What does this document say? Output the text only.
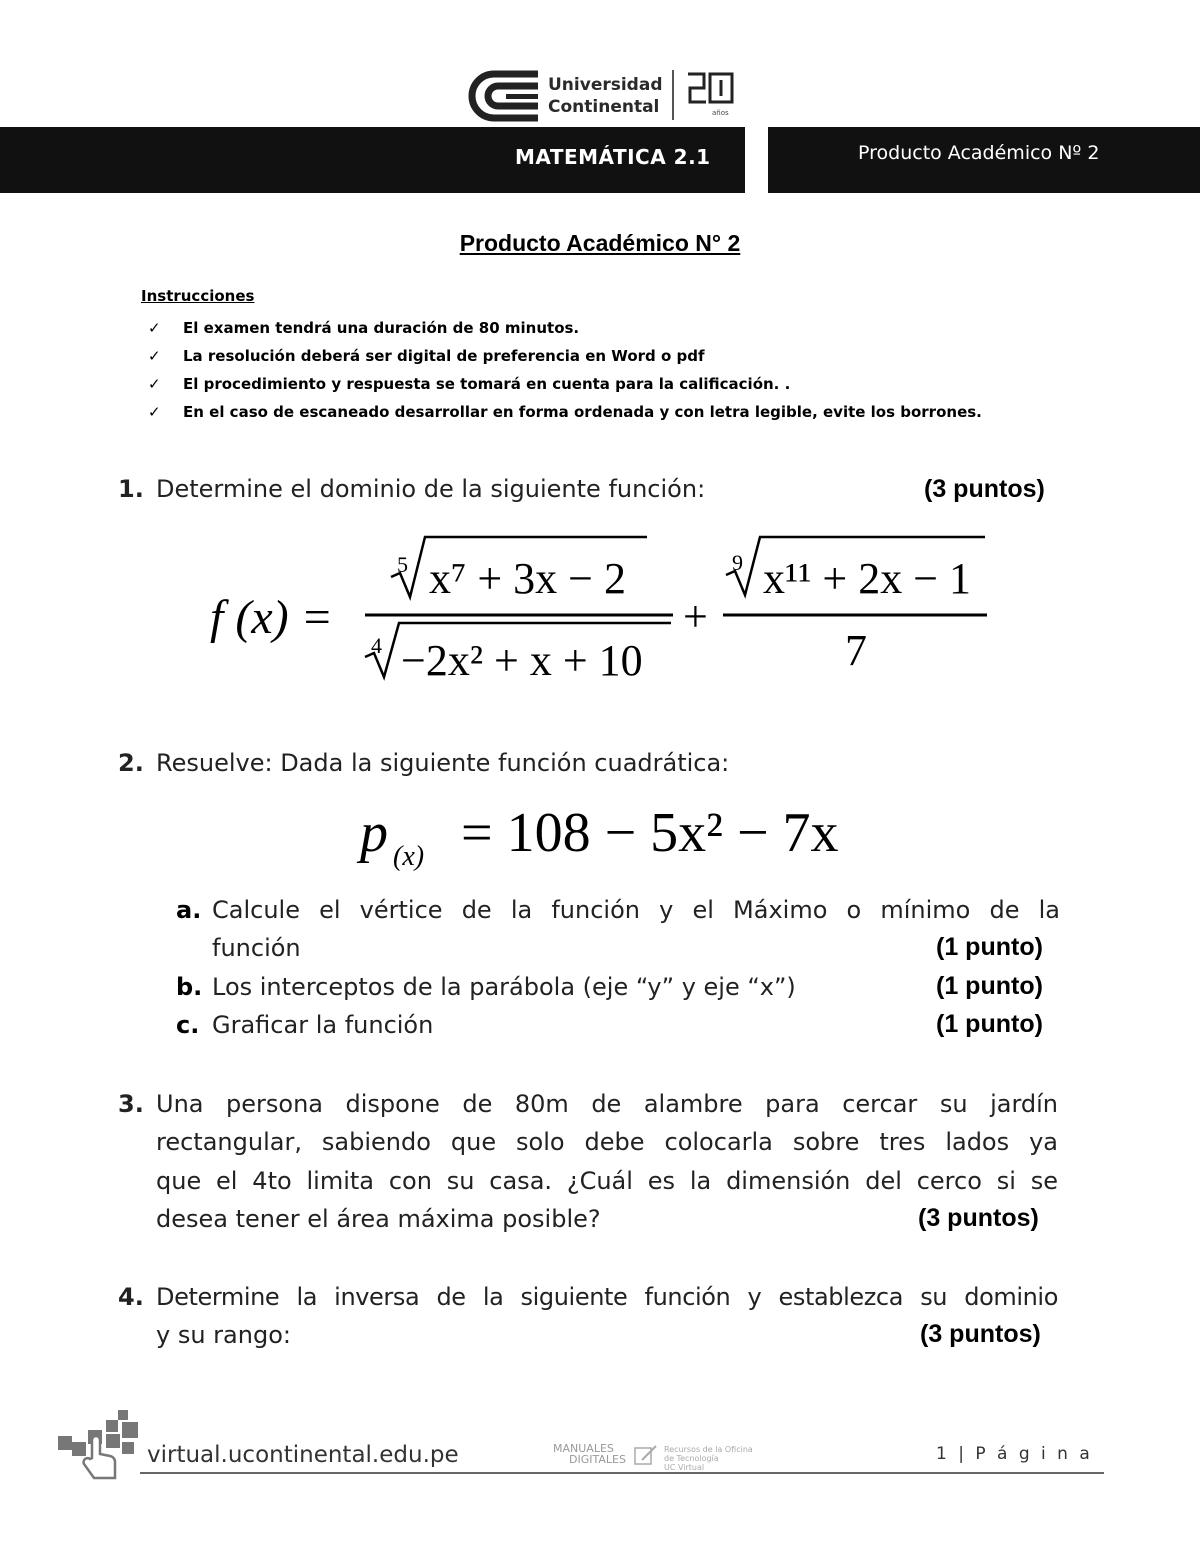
Universidad
Continental	años
MATEMÁTICA 2.1	Producto Académico Nº 2
Producto Académico N° 2
Instrucciones
✓ El examen tendrá una duración de 80 minutos.
✓ La resolución deberá ser digital de preferencia en Word o pdf
✓ El procedimiento y respuesta se tomará en cuenta para la calificación. .
✓ En el caso de escaneado desarrollar en forma ordenada y con letra legible, evite los borrones.
1. Determine el dominio de la siguiente función:	(3 puntos)
f (x) =
5 x⁷ + 3x − 2
4 −2x² + x + 10
+
9 x¹¹ + 2x − 1
7
2. Resuelve: Dada la siguiente función cuadrática:
p (x) = 108 − 5x² − 7x
a. Calcule el vértice de la función y el Máximo o mínimo de la
función	(1 punto)
b. Los interceptos de la parábola (eje “y” y eje “x”)	(1 punto)
c. Graficar la función	(1 punto)
3. Una persona dispone de 80m de alambre para cercar su jardín
rectangular, sabiendo que solo debe colocarla sobre tres lados ya
que el 4to limita con su casa. ¿Cuál es la dimensión del cerco si se
desea tener el área máxima posible?	(3 puntos)
4. Determine la inversa de la siguiente función y establezca su dominio
y su rango:	(3 puntos)
virtual.ucontinental.edu.pe	MANUALES
DIGITALES
Recursos de la Oficina
de Tecnología
UC Virtual
1 | P á g i n a
